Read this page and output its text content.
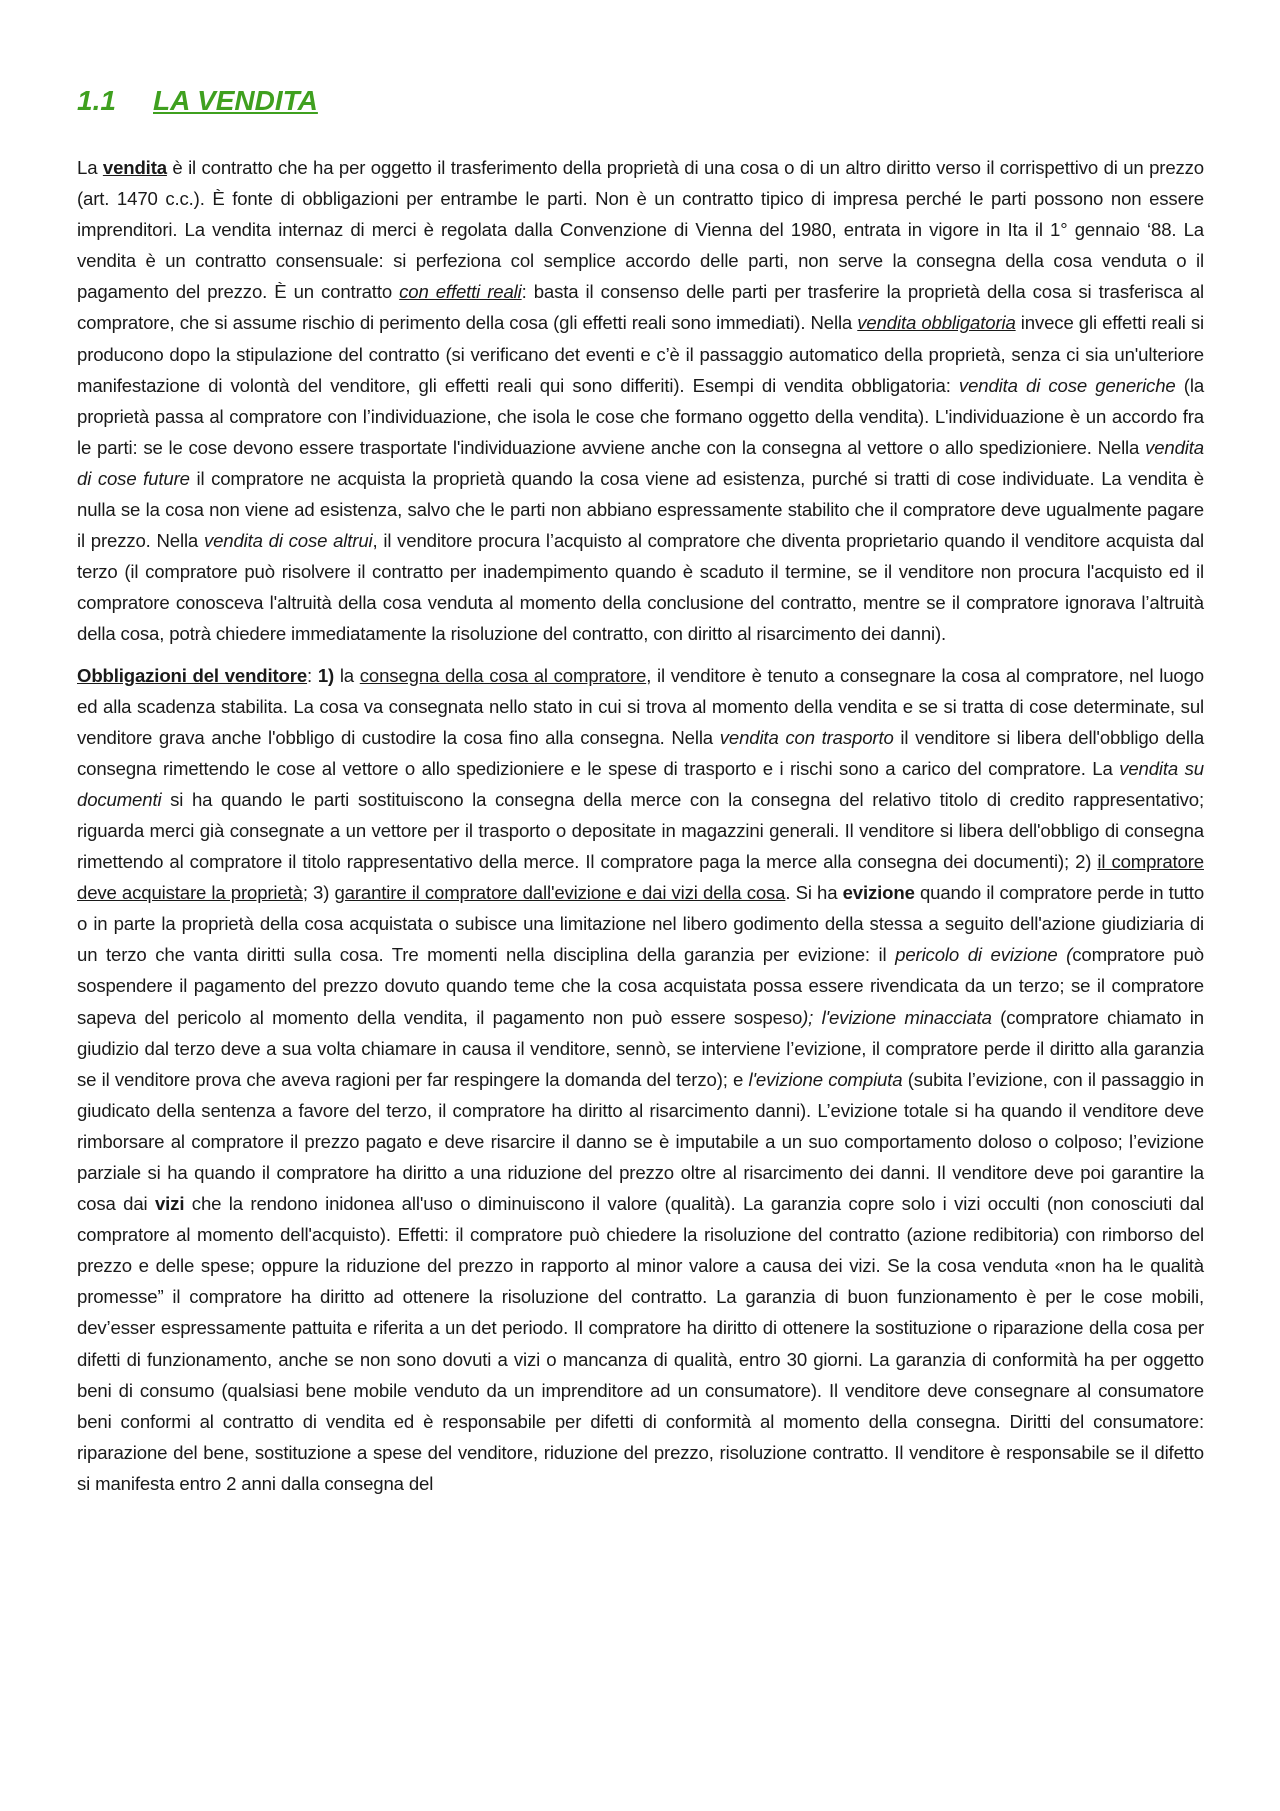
1.1 LA VENDITA

La vendita è il contratto che ha per oggetto il trasferimento della proprietà di una cosa o di un altro diritto verso il corrispettivo di un prezzo (art. 1470 c.c.). È fonte di obbligazioni per entrambe le parti. Non è un contratto tipico di impresa perché le parti possono non essere imprenditori. La vendita internaz di merci è regolata dalla Convenzione di Vienna del 1980, entrata in vigore in Ita il 1° gennaio ‘88. La vendita è un contratto consensuale: si perfeziona col semplice accordo delle parti, non serve la consegna della cosa venduta o il pagamento del prezzo. È un contratto con effetti reali: basta il consenso delle parti per trasferire la proprietà della cosa si trasferisca al compratore, che si assume rischio di perimento della cosa (gli effetti reali sono immediati). Nella vendita obbligatoria invece gli effetti reali si producono dopo la stipulazione del contratto (si verificano det eventi e c’è il passaggio automatico della proprietà, senza ci sia un'ulteriore manifestazione di volontà del venditore, gli effetti reali qui sono differiti). Esempi di vendita obbligatoria: vendita di cose generiche (la proprietà passa al compratore con l’individuazione, che isola le cose che formano oggetto della vendita). L'individuazione è un accordo fra le parti: se le cose devono essere trasportate l'individuazione avviene anche con la consegna al vettore o allo spedizioniere. Nella vendita di cose future il compratore ne acquista la proprietà quando la cosa viene ad esistenza, purché si tratti di cose individuate. La vendita è nulla se la cosa non viene ad esistenza, salvo che le parti non abbiano espressamente stabilito che il compratore deve ugualmente pagare il prezzo. Nella vendita di cose altrui, il venditore procura l’acquisto al compratore che diventa proprietario quando il venditore acquista dal terzo (il compratore può risolvere il contratto per inadempimento quando è scaduto il termine, se il venditore non procura l'acquisto ed il compratore conosceva l'altruità della cosa venduta al momento della conclusione del contratto, mentre se il compratore ignorava l’altruità della cosa, potrà chiedere immediatamente la risoluzione del contratto, con diritto al risarcimento dei danni).

Obbligazioni del venditore: 1) la consegna della cosa al compratore, il venditore è tenuto a consegnare la cosa al compratore, nel luogo ed alla scadenza stabilita. La cosa va consegnata nello stato in cui si trova al momento della vendita e se si tratta di cose determinate, sul venditore grava anche l'obbligo di custodire la cosa fino alla consegna. Nella vendita con trasporto il venditore si libera dell'obbligo della consegna rimettendo le cose al vettore o allo spedizioniere e le spese di trasporto e i rischi sono a carico del compratore. La vendita su documenti si ha quando le parti sostituiscono la consegna della merce con la consegna del relativo titolo di credito rappresentativo; riguarda merci già consegnate a un vettore per il trasporto o depositate in magazzini generali. Il venditore si libera dell'obbligo di consegna rimettendo al compratore il titolo rappresentativo della merce. Il compratore paga la merce alla consegna dei documenti); 2) il compratore deve acquistare la proprietà; 3) garantire il compratore dall'evizione e dai vizi della cosa. Si ha evizione quando il compratore perde in tutto o in parte la proprietà della cosa acquistata o subisce una limitazione nel libero godimento della stessa a seguito dell'azione giudiziaria di un terzo che vanta diritti sulla cosa. Tre momenti nella disciplina della garanzia per evizione: il pericolo di evizione (compratore può sospendere il pagamento del prezzo dovuto quando teme che la cosa acquistata possa essere rivendicata da un terzo; se il compratore sapeva del pericolo al momento della vendita, il pagamento non può essere sospeso); l'evizione minacciata (compratore chiamato in giudizio dal terzo deve a sua volta chiamare in causa il venditore, sennò, se interviene l’evizione, il compratore perde il diritto alla garanzia se il venditore prova che aveva ragioni per far respingere la domanda del terzo); e l'evizione compiuta (subita l’evizione, con il passaggio in giudicato della sentenza a favore del terzo, il compratore ha diritto al risarcimento danni). L’evizione totale si ha quando il venditore deve rimborsare al compratore il prezzo pagato e deve risarcire il danno se è imputabile a un suo comportamento doloso o colposo; l’evizione parziale si ha quando il compratore ha diritto a una riduzione del prezzo oltre al risarcimento dei danni. Il venditore deve poi garantire la cosa dai vizi che la rendono inidonea all'uso o diminuiscono il valore (qualità). La garanzia copre solo i vizi occulti (non conosciuti dal compratore al momento dell'acquisto). Effetti: il compratore può chiedere la risoluzione del contratto (azione redibitoria) con rimborso del prezzo e delle spese; oppure la riduzione del prezzo in rapporto al minor valore a causa dei vizi. Se la cosa venduta «non ha le qualità promesse” il compratore ha diritto ad ottenere la risoluzione del contratto. La garanzia di buon funzionamento è per le cose mobili, dev’esser espressamente pattuita e riferita a un det periodo. Il compratore ha diritto di ottenere la sostituzione o riparazione della cosa per difetti di funzionamento, anche se non sono dovuti a vizi o mancanza di qualità, entro 30 giorni. La garanzia di conformità ha per oggetto beni di consumo (qualsiasi bene mobile venduto da un imprenditore ad un consumatore). Il venditore deve consegnare al consumatore beni conformi al contratto di vendita ed è responsabile per difetti di conformità al momento della consegna. Diritti del consumatore: riparazione del bene, sostituzione a spese del venditore, riduzione del prezzo, risoluzione contratto. Il venditore è responsabile se il difetto si manifesta entro 2 anni dalla consegna del
